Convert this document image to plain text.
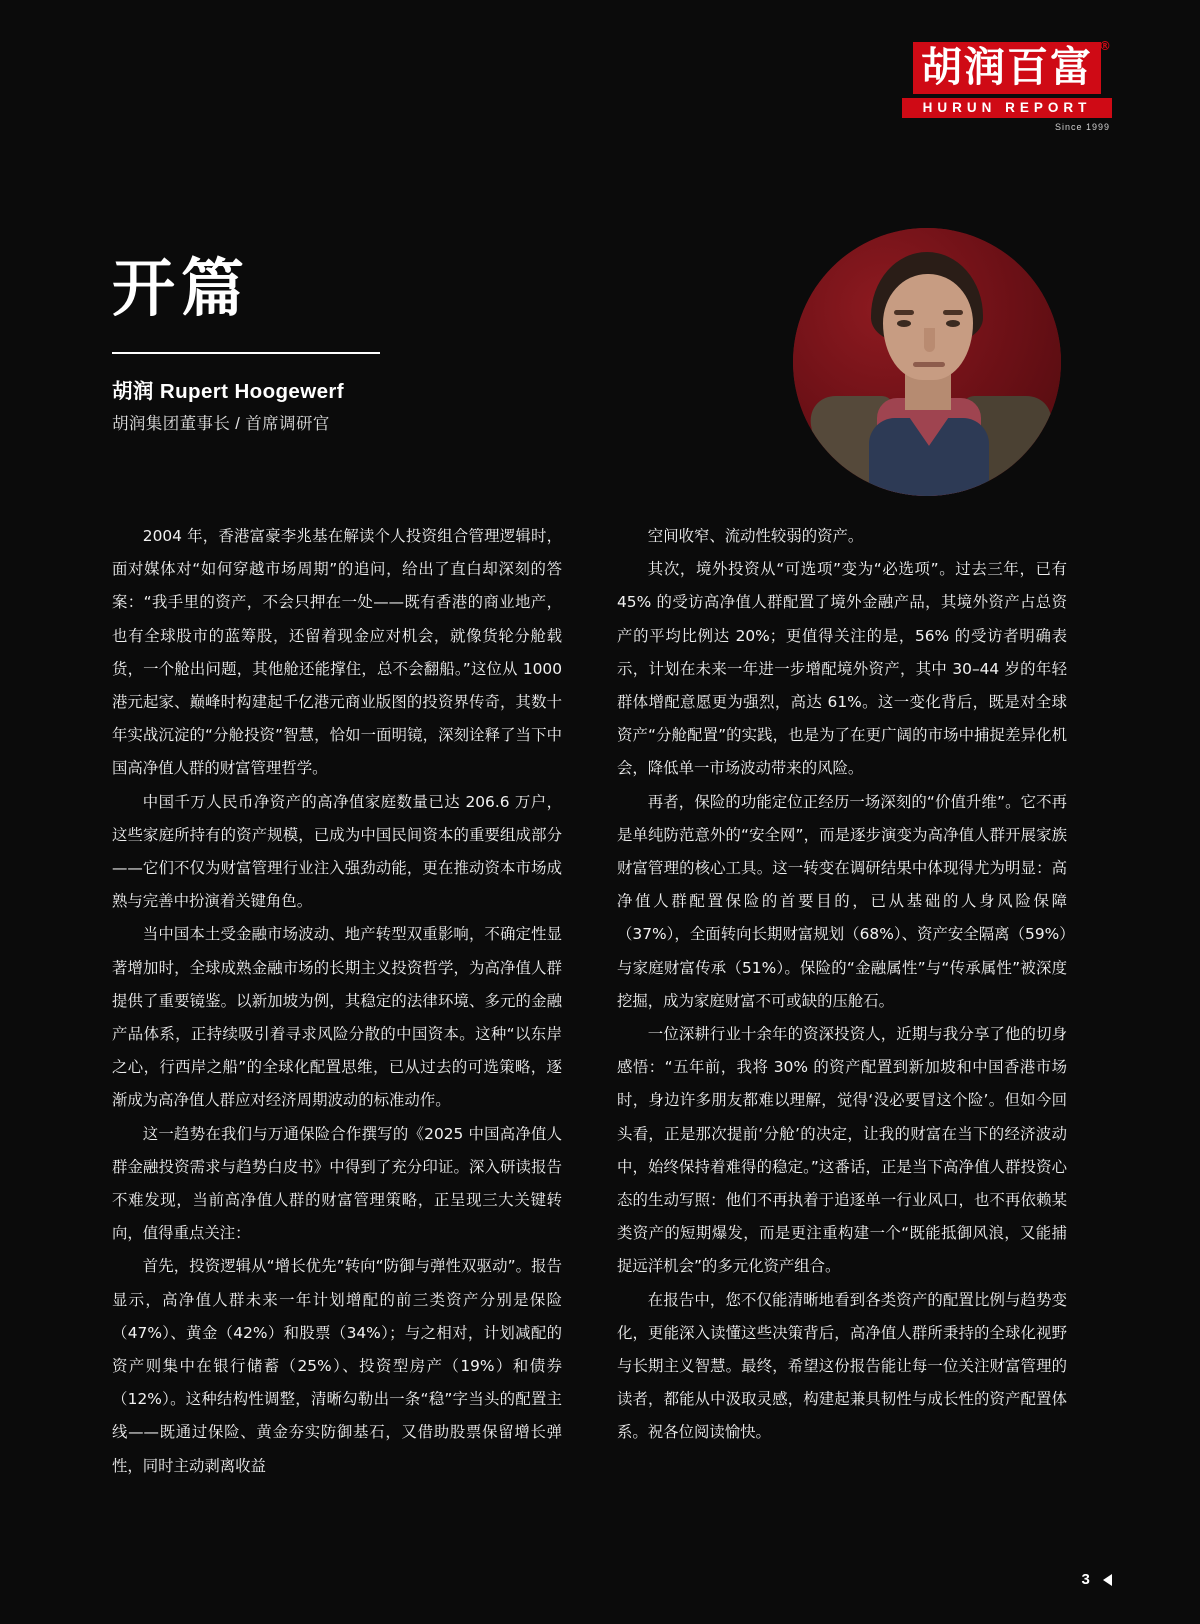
胡润百富 ®
HURUN REPORT
Since 1999
开篇
胡润 Rupert Hoogewerf
胡润集团董事长 / 首席调研官

2004 年，香港富豪李兆基在解读个人投资组合管理逻辑时，面对媒体对“如何穿越市场周期”的追问，给出了直白却深刻的答案：“我手里的资产，不会只押在一处——既有香港的商业地产，也有全球股市的蓝筹股，还留着现金应对机会，就像货轮分舱载货，一个舱出问题，其他舱还能撑住，总不会翻船。”这位从 1000 港元起家、巅峰时构建起千亿港元商业版图的投资界传奇，其数十年实战沉淀的“分舱投资”智慧，恰如一面明镜，深刻诠释了当下中国高净值人群的财富管理哲学。

中国千万人民币净资产的高净值家庭数量已达 206.6 万户，这些家庭所持有的资产规模，已成为中国民间资本的重要组成部分——它们不仅为财富管理行业注入强劲动能，更在推动资本市场成熟与完善中扮演着关键角色。

当中国本土受金融市场波动、地产转型双重影响，不确定性显著增加时，全球成熟金融市场的长期主义投资哲学，为高净值人群提供了重要镜鉴。以新加坡为例，其稳定的法律环境、多元的金融产品体系，正持续吸引着寻求风险分散的中国资本。这种“以东岸之心，行西岸之船”的全球化配置思维，已从过去的可选策略，逐渐成为高净值人群应对经济周期波动的标准动作。

这一趋势在我们与万通保险合作撰写的《2025 中国高净值人群金融投资需求与趋势白皮书》中得到了充分印证。深入研读报告不难发现，当前高净值人群的财富管理策略，正呈现三大关键转向，值得重点关注：

首先，投资逻辑从“增长优先”转向“防御与弹性双驱动”。报告显示，高净值人群未来一年计划增配的前三类资产分别是保险（47%）、黄金（42%）和股票（34%）；与之相对，计划减配的资产则集中在银行储蓄（25%）、投资型房产（19%）和债券（12%）。这种结构性调整，清晰勾勒出一条“稳”字当头的配置主线——既通过保险、黄金夯实防御基石，又借助股票保留增长弹性，同时主动剥离收益

空间收窄、流动性较弱的资产。

其次，境外投资从“可选项”变为“必选项”。过去三年，已有 45% 的受访高净值人群配置了境外金融产品，其境外资产占总资产的平均比例达 20%；更值得关注的是，56% 的受访者明确表示，计划在未来一年进一步增配境外资产，其中 30–44 岁的年轻群体增配意愿更为强烈，高达 61%。这一变化背后，既是对全球资产“分舱配置”的实践，也是为了在更广阔的市场中捕捉差异化机会，降低单一市场波动带来的风险。

再者，保险的功能定位正经历一场深刻的“价值升维”。它不再是单纯防范意外的“安全网”，而是逐步演变为高净值人群开展家族财富管理的核心工具。这一转变在调研结果中体现得尤为明显：高净值人群配置保险的首要目的，已从基础的人身风险保障（37%），全面转向长期财富规划（68%）、资产安全隔离（59%）与家庭财富传承（51%）。保险的“金融属性”与“传承属性”被深度挖掘，成为家庭财富不可或缺的压舱石。

一位深耕行业十余年的资深投资人，近期与我分享了他的切身感悟：“五年前，我将 30% 的资产配置到新加坡和中国香港市场时，身边许多朋友都难以理解，觉得‘没必要冒这个险’。但如今回头看，正是那次提前‘分舱’的决定，让我的财富在当下的经济波动中，始终保持着难得的稳定。”这番话，正是当下高净值人群投资心态的生动写照：他们不再执着于追逐单一行业风口，也不再依赖某类资产的短期爆发，而是更注重构建一个“既能抵御风浪，又能捕捉远洋机会”的多元化资产组合。

在报告中，您不仅能清晰地看到各类资产的配置比例与趋势变化，更能深入读懂这些决策背后，高净值人群所秉持的全球化视野与长期主义智慧。最终，希望这份报告能让每一位关注财富管理的读者，都能从中汲取灵感，构建起兼具韧性与成长性的资产配置体系。祝各位阅读愉快。

3
